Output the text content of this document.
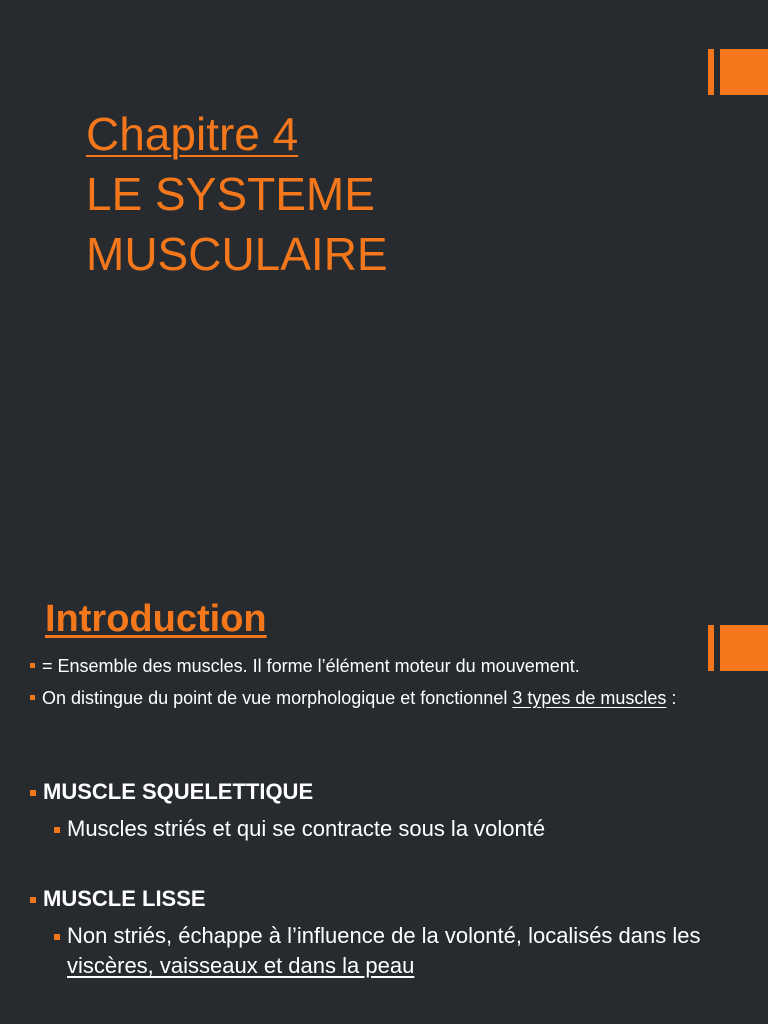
Chapitre 4
LE SYSTEME
MUSCULAIRE
Introduction
= Ensemble des muscles. Il forme l’élément moteur du mouvement.
On distingue du point de vue morphologique et fonctionnel 3 types de muscles :
MUSCLE SQUELETTIQUE
Muscles striés et qui se contracte sous la volonté
MUSCLE LISSE
Non striés, échappe à l’influence de la volonté, localisés dans les viscères, vaisseaux et dans la peau
